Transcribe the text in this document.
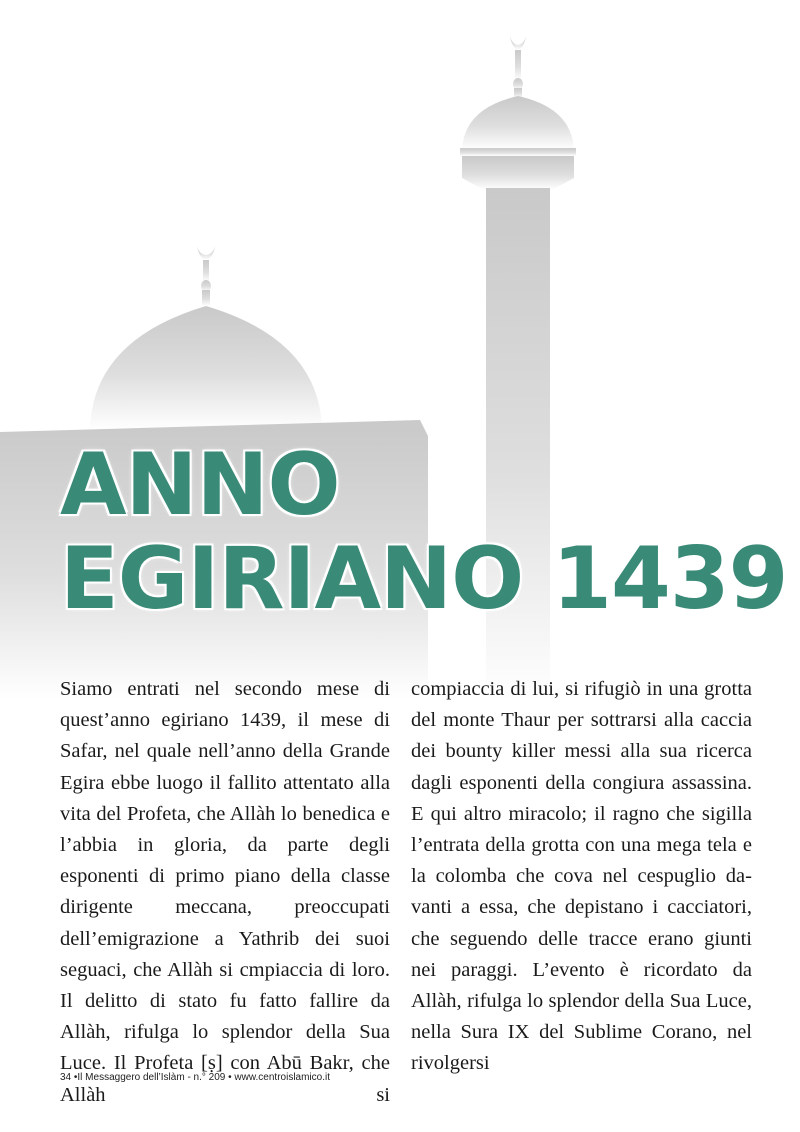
ANNO
EGIRIANO 1439

Siamo entrati nel secondo mese di quest’anno egiriano 1439, il mese di Safar, nel quale nell’anno della Grande Egira ebbe luogo il fallito attentato alla vita del Profeta, che Allàh lo benedica e l’abbia in gloria, da parte degli esponenti di primo piano della classe dirigente meccana, preoccupati dell’emigrazione a Yathrib dei suoi seguaci, che Allàh si cmpiaccia di loro. Il delitto di stato fu fatto fallire da Allàh, rifulga lo splendor della Sua Luce. Il Profeta [ṣ] con Abū Bakr, che Allàh si

compiaccia di lui, si rifugiò in una grotta del monte Thaur per sottrarsi alla caccia dei bounty killer messi alla sua ricerca dagli esponenti della congiura assassina. E qui altro miracolo; il ragno che sigilla l’entrata della grotta con una mega tela e la colomba che cova nel cespuglio davanti a essa, che depistano i cacciatori, che seguendo delle tracce erano giunti nei paraggi. L’evento è ricordato da Allàh, rifulga lo splendor della Sua Luce, nella Sura IX del Sublime Corano, nel rivolgersi

34 •Il Messaggero dell’Islàm - n.° 209 • www.centroislamico.it
